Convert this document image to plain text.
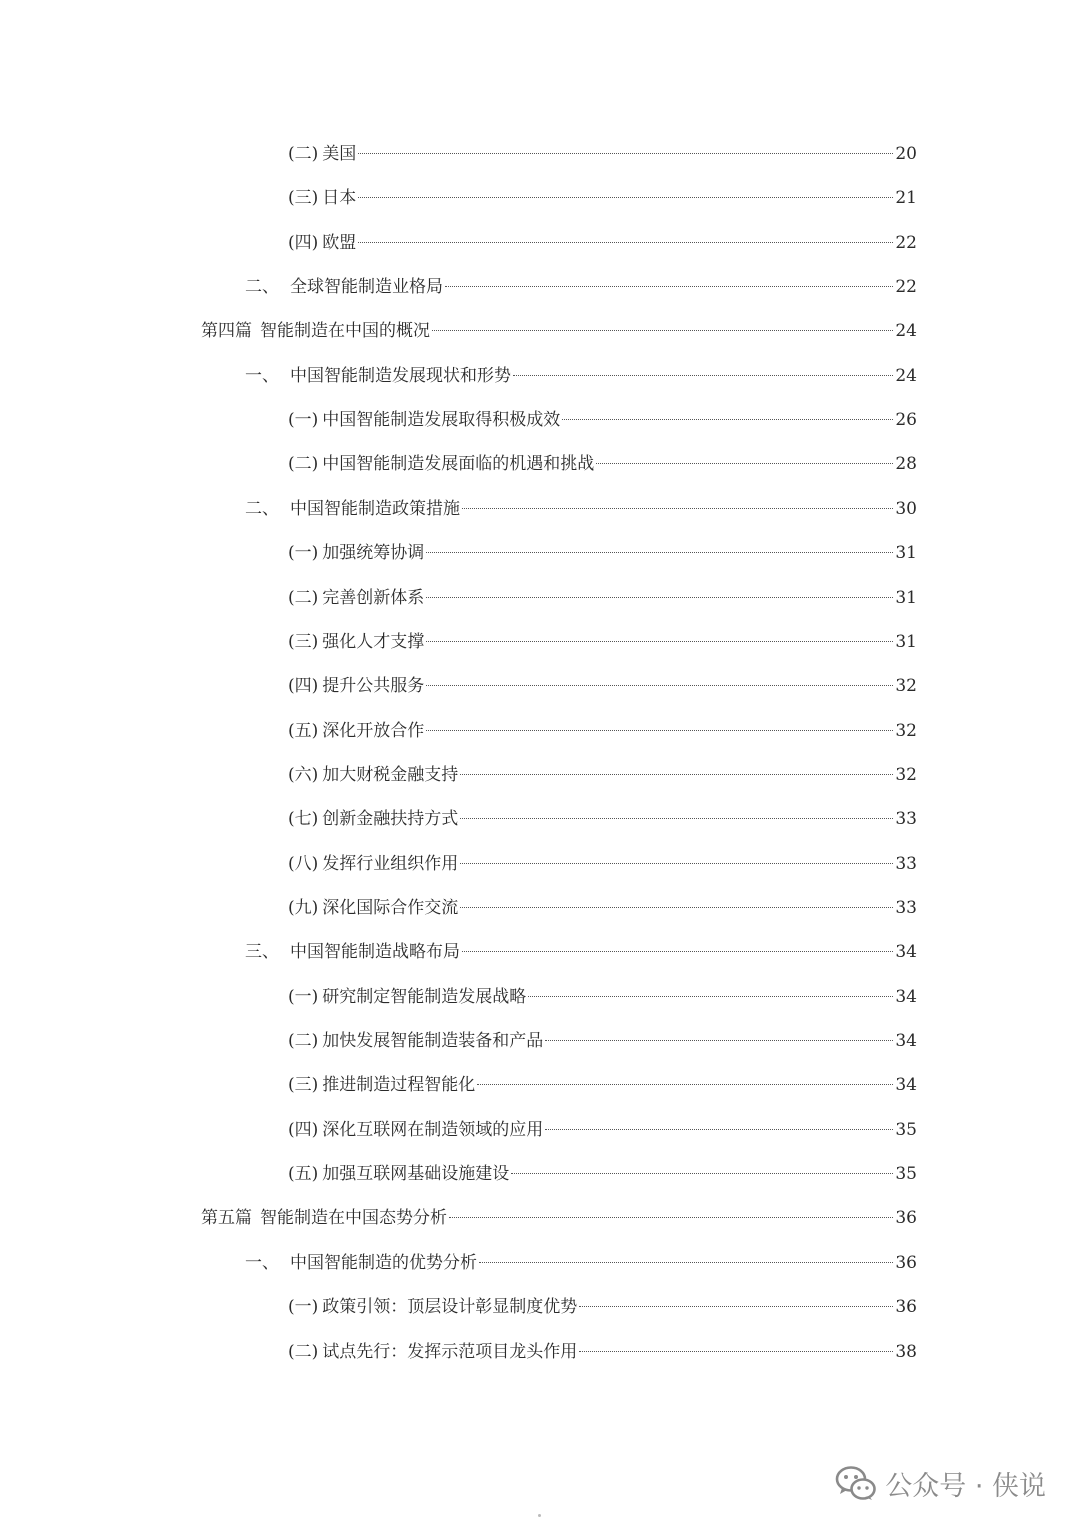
(二) 美国	20
(三) 日本	21
(四) 欧盟	22
二、 全球智能制造业格局	22
第四篇 智能制造在中国的概况	24
一、 中国智能制造发展现状和形势	24
(一) 中国智能制造发展取得积极成效	26
(二) 中国智能制造发展面临的机遇和挑战	28
二、 中国智能制造政策措施	30
(一) 加强统筹协调	31
(二) 完善创新体系	31
(三) 强化人才支撑	31
(四) 提升公共服务	32
(五) 深化开放合作	32
(六) 加大财税金融支持	32
(七) 创新金融扶持方式	33
(八) 发挥行业组织作用	33
(九) 深化国际合作交流	33
三、 中国智能制造战略布局	34
(一) 研究制定智能制造发展战略	34
(二) 加快发展智能制造装备和产品	34
(三) 推进制造过程智能化	34
(四) 深化互联网在制造领域的应用	35
(五) 加强互联网基础设施建设	35
第五篇 智能制造在中国态势分析	36
一、 中国智能制造的优势分析	36
(一) 政策引领：顶层设计彰显制度优势	36
(二) 试点先行：发挥示范项目龙头作用	38
公众号 · 侠说
